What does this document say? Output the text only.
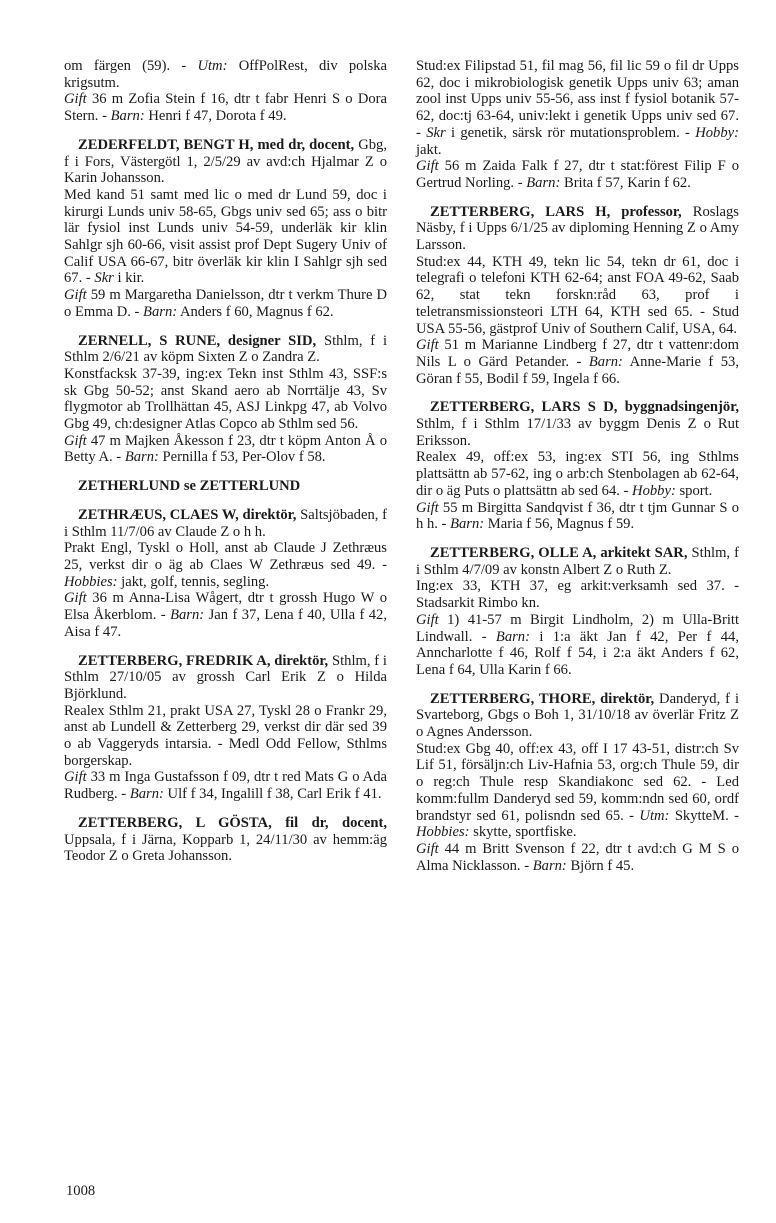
om färgen (59). - Utm: OffPolRest, div polska krigsutm.

Gift 36 m Zofia Stein f 16, dtr t fabr Henri S o Dora Stern. - Barn: Henri f 47, Dorota f 49.

ZEDERFELDT, BENGT H, med dr, docent, Gbg, f i Fors, Västergötl 1, 2/5/29 av avd:ch Hjalmar Z o Karin Johansson.

Med kand 51 samt med lic o med dr Lund 59, doc i kirurgi Lunds univ 58-65, Gbgs univ sed 65; ass o bitr lär fysiol inst Lunds univ 54-59, underläk kir klin Sahlgr sjh 60-66, visit assist prof Dept Sugery Univ of Calif USA 66-67, bitr överläk kir klin I Sahlgr sjh sed 67. - Skr i kir.

Gift 59 m Margaretha Danielsson, dtr t verkm Thure D o Emma D. - Barn: Anders f 60, Magnus f 62.

ZERNELL, S RUNE, designer SID, Sthlm, f i Sthlm 2/6/21 av köpm Sixten Z o Zandra Z.

Konstfacksk 37-39, ing:ex Tekn inst Sthlm 43, SSF:s sk Gbg 50-52; anst Skand aero ab Norrtälje 43, Sv flygmotor ab Trollhättan 45, ASJ Linkpg 47, ab Volvo Gbg 49, ch:designer Atlas Copco ab Sthlm sed 56.

Gift 47 m Majken Åkesson f 23, dtr t köpm Anton Å o Betty A. - Barn: Pernilla f 53, Per-Olov f 58.

ZETHERLUND se ZETTERLUND

ZETHRÆUS, CLAES W, direktör, Saltsjöbaden, f i Sthlm 11/7/06 av Claude Z o h h.

Prakt Engl, Tyskl o Holl, anst ab Claude J Zethræus 25, verkst dir o äg ab Claes W Zethræus sed 49. - Hobbies: jakt, golf, tennis, segling.

Gift 36 m Anna-Lisa Wågert, dtr t grossh Hugo W o Elsa Åkerblom. - Barn: Jan f 37, Lena f 40, Ulla f 42, Aisa f 47.

ZETTERBERG, FREDRIK A, direktör, Sthlm, f i Sthlm 27/10/05 av grossh Carl Erik Z o Hilda Björklund.

Realex Sthlm 21, prakt USA 27, Tyskl 28 o Frankr 29, anst ab Lundell & Zetterberg 29, verkst dir där sed 39 o ab Vaggeryds intarsia. - Medl Odd Fellow, Sthlms borgerskap.

Gift 33 m Inga Gustafsson f 09, dtr t red Mats G o Ada Rudberg. - Barn: Ulf f 34, Ingalill f 38, Carl Erik f 41.

ZETTERBERG, L GÖSTA, fil dr, docent, Uppsala, f i Järna, Kopparb 1, 24/11/30 av hemm:äg Teodor Z o Greta Johansson.

Stud:ex Filipstad 51, fil mag 56, fil lic 59 o fil dr Upps 62, doc i mikrobiologisk genetik Upps univ 63; aman zool inst Upps univ 55-56, ass inst f fysiol botanik 57-62, doc:tj 63-64, univ:lekt i genetik Upps univ sed 67. - Skr i genetik, särsk rör mutationsproblem. - Hobby: jakt.

Gift 56 m Zaida Falk f 27, dtr t stat:förest Filip F o Gertrud Norling. - Barn: Brita f 57, Karin f 62.

ZETTERBERG, LARS H, professor, Roslags Näsby, f i Upps 6/1/25 av diploming Henning Z o Amy Larsson.

Stud:ex 44, KTH 49, tekn lic 54, tekn dr 61, doc i telegrafi o telefoni KTH 62-64; anst FOA 49-62, Saab 62, stat tekn forskn:råd 63, prof i teletransmissionsteori LTH 64, KTH sed 65. - Stud USA 55-56, gästprof Univ of Southern Calif, USA, 64.

Gift 51 m Marianne Lindberg f 27, dtr t vattenr:dom Nils L o Gärd Petander. - Barn: Anne-Marie f 53, Göran f 55, Bodil f 59, Ingela f 66.

ZETTERBERG, LARS S D, byggnadsingenjör, Sthlm, f i Sthlm 17/1/33 av byggm Denis Z o Rut Eriksson.

Realex 49, off:ex 53, ing:ex STI 56, ing Sthlms plattsättn ab 57-62, ing o arb:ch Stenbolagen ab 62-64, dir o äg Puts o plattsättn ab sed 64. - Hobby: sport.

Gift 55 m Birgitta Sandqvist f 36, dtr t tjm Gunnar S o h h. - Barn: Maria f 56, Magnus f 59.

ZETTERBERG, OLLE A, arkitekt SAR, Sthlm, f i Sthlm 4/7/09 av konstn Albert Z o Ruth Z.

Ing:ex 33, KTH 37, eg arkit:verksamh sed 37. - Stadsarkit Rimbo kn.

Gift 1) 41-57 m Birgit Lindholm, 2) m Ulla-Britt Lindwall. - Barn: i 1:a äkt Jan f 42, Per f 44, Anncharlotte f 46, Rolf f 54, i 2:a äkt Anders f 62, Lena f 64, Ulla Karin f 66.

ZETTERBERG, THORE, direktör, Danderyd, f i Svarteborg, Gbgs o Boh 1, 31/10/18 av överlär Fritz Z o Agnes Andersson.

Stud:ex Gbg 40, off:ex 43, off I 17 43-51, distr:ch Sv Lif 51, försäljn:ch Liv-Hafnia 53, org:ch Thule 59, dir o reg:ch Thule resp Skandiakonc sed 62. - Led komm:fullm Danderyd sed 59, komm:ndn sed 60, ordf brandstyr sed 61, polisndn sed 65. - Utm: SkytteM. - Hobbies: skytte, sportfiske.

Gift 44 m Britt Svenson f 22, dtr t avd:ch G M S o Alma Nicklasson. - Barn: Björn f 45.

1008
